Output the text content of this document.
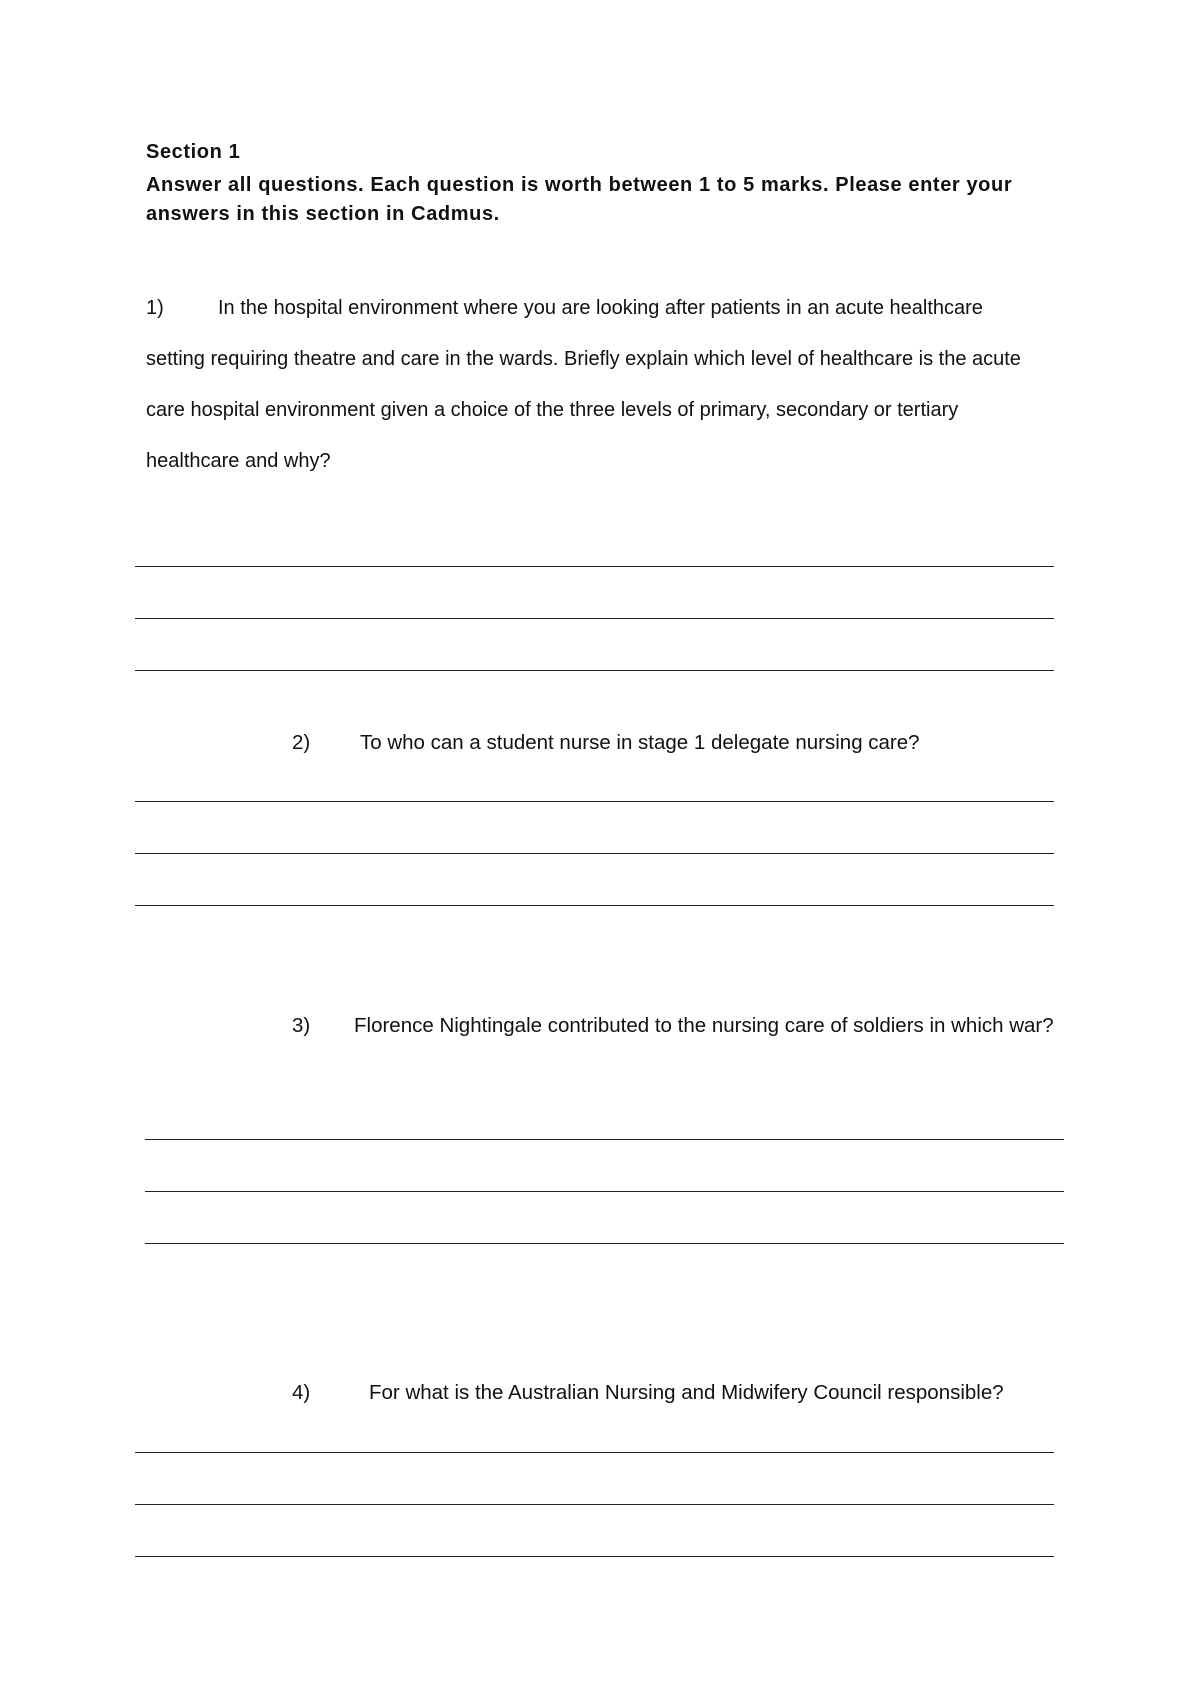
Section 1

Answer all questions. Each question is worth between 1 to 5 marks. Please enter your answers in this section in Cadmus.

1)	In the hospital environment where you are looking after patients in an acute healthcare setting requiring theatre and care in the wards. Briefly explain which level of healthcare is the acute care hospital environment given a choice of the three levels of primary, secondary or tertiary healthcare and why?
2) To who can a student nurse in stage 1 delegate nursing care?
3) Florence Nightingale contributed to the nursing care of soldiers in which war?
4)	For what is the Australian Nursing and Midwifery Council responsible?
